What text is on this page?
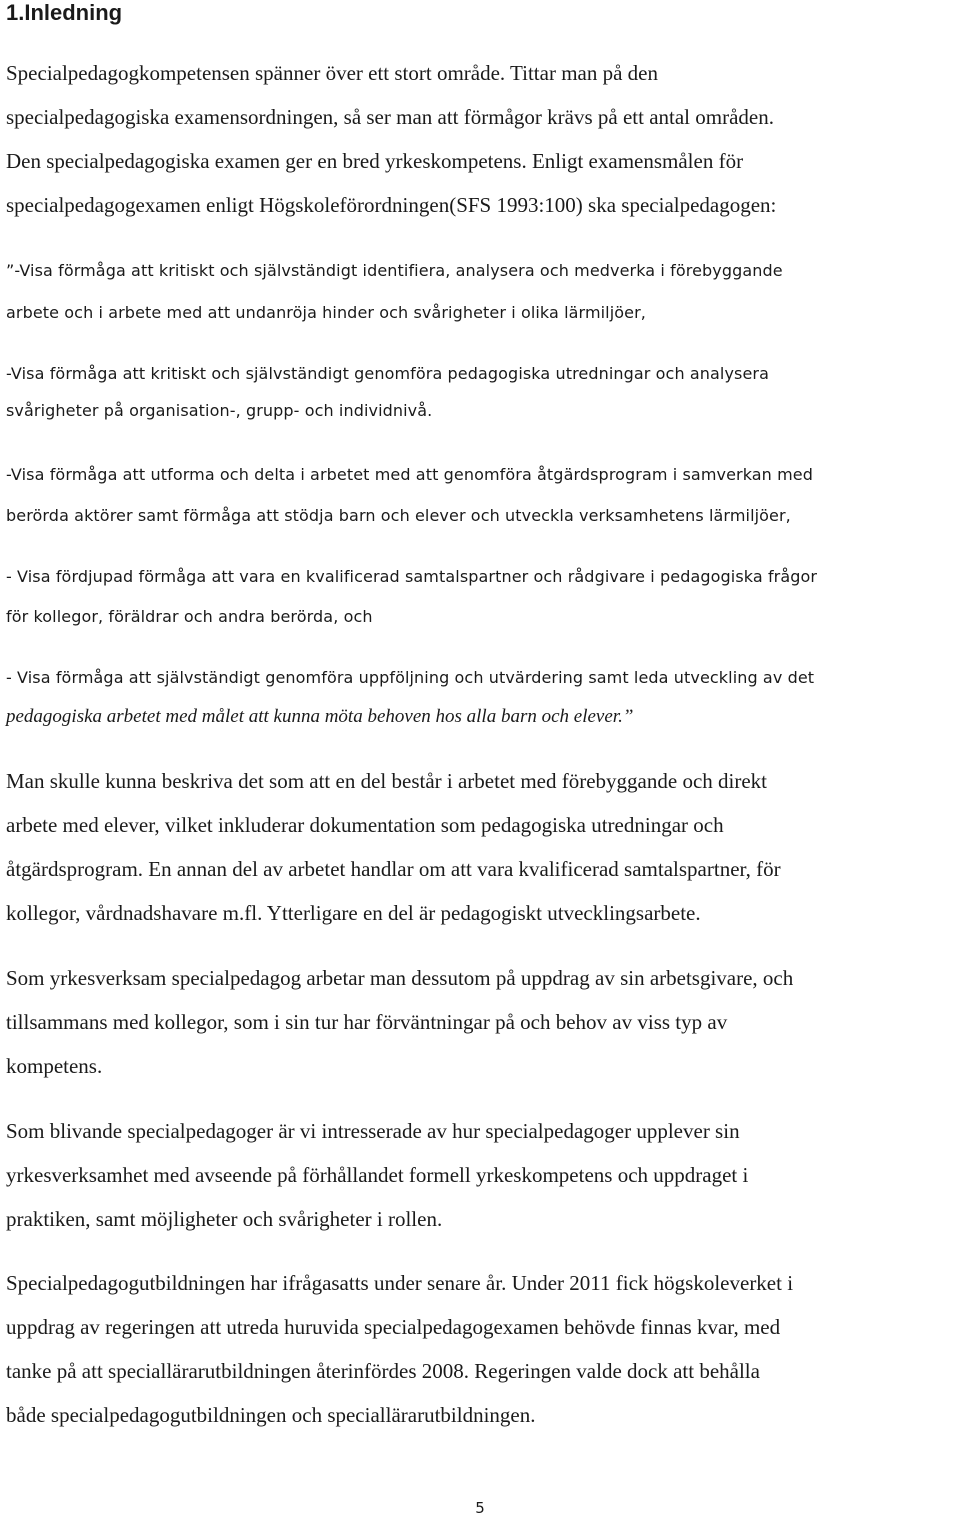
1.Inledning

Specialpedagogkompetensen spänner över ett stort område. Tittar man på den

specialpedagogiska examensordningen, så ser man att förmågor krävs på ett antal områden.

Den specialpedagogiska examen ger en bred yrkeskompetens. Enligt examensmålen för

specialpedagogexamen enligt Högskoleförordningen(SFS 1993:100) ska specialpedagogen:

”-Visa förmåga att kritiskt och självständigt identifiera, analysera och medverka i förebyggande

arbete och i arbete med att undanröja hinder och svårigheter i olika lärmiljöer,

-Visa förmåga att kritiskt och självständigt genomföra pedagogiska utredningar och analysera

svårigheter på organisation-, grupp- och individnivå.

-Visa förmåga att utforma och delta i arbetet med att genomföra åtgärdsprogram i samverkan med

berörda aktörer samt förmåga att stödja barn och elever och utveckla verksamhetens lärmiljöer,

- Visa fördjupad förmåga att vara en kvalificerad samtalspartner och rådgivare i pedagogiska frågor

för kollegor, föräldrar och andra berörda, och

- Visa förmåga att självständigt genomföra uppföljning och utvärdering samt leda utveckling av det

pedagogiska arbetet med målet att kunna möta behoven hos alla barn och elever.”

Man skulle kunna beskriva det som att en del består i arbetet med förebyggande och direkt

arbete med elever, vilket inkluderar dokumentation som pedagogiska utredningar och

åtgärdsprogram. En annan del av arbetet handlar om att vara kvalificerad samtalspartner, för

kollegor, vårdnadshavare m.fl. Ytterligare en del är pedagogiskt utvecklingsarbete.

Som yrkesverksam specialpedagog arbetar man dessutom på uppdrag av sin arbetsgivare, och

tillsammans med kollegor, som i sin tur har förväntningar på och behov av viss typ av

kompetens.

Som blivande specialpedagoger är vi intresserade av hur specialpedagoger upplever sin

yrkesverksamhet med avseende på förhållandet formell yrkeskompetens och uppdraget i

praktiken, samt möjligheter och svårigheter i rollen.

Specialpedagogutbildningen har ifrågasatts under senare år. Under 2011 fick högskoleverket i

uppdrag av regeringen att utreda huruvida specialpedagogexamen behövde finnas kvar, med

tanke på att speciallärarutbildningen återinfördes 2008. Regeringen valde dock att behålla

både specialpedagogutbildningen och speciallärarutbildningen.

5
